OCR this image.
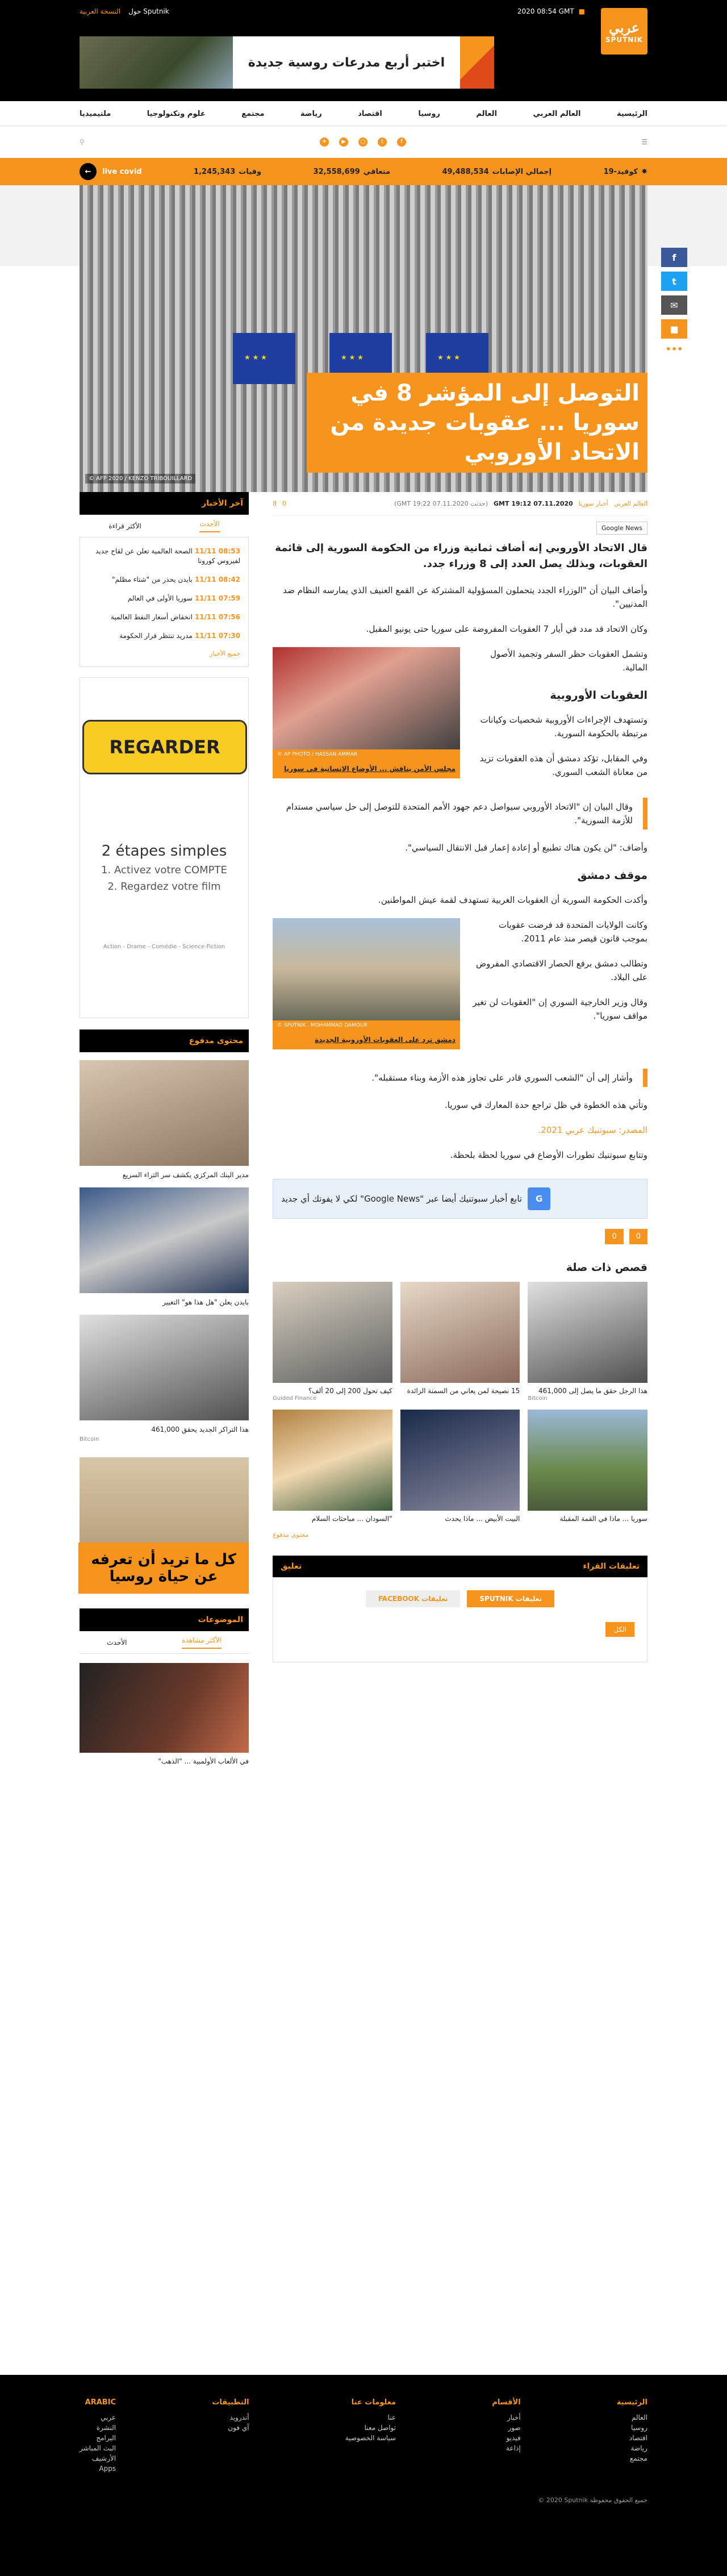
النسخة العربية حول Sputnik	2020 08:54 GMT ■
عربي
SPUTNIK
اختبر أربع مدرعات روسية جديدة
الرئيسية
العالم العربي
العالم
روسيا
اقتصاد
رياضة
مجتمع
علوم وتكنولوجيا
ملتيميديا
⚲	✈	▶	○	t	f	☰
←	live covid	1,245,343 وفيات	32,558,699 متعافي	49,488,534 إجمالي الإصابات	كوفيد-19 ✸
★ ★ ★
★ ★ ★
★ ★ ★
التوصل إلى المؤشر 8 في سوريا ... عقوبات جديدة من الاتحاد الأوروبي
© AFP 2020 / KENZO TRIBOUILLARD
f
t
✉
■
•••
آخر الأخبار
الأكثر قراءة	الأحدث
08:53 11/11الصحة العالمية تعلن عن لقاح جديد لفيروس كورونا
08:42 11/11بايدن يحذر من "شتاء مظلم"
07:59 11/11سوريا الأولى في العالم
07:56 11/11انخفاض أسعار النفط العالمية
07:30 11/11مدريد تنتظر قرار الحكومة
جميع الأخبار
REGARDER
2 étapes simples
1. Activez votre COMPTE
2. Regardez votre film
Action - Drame - Comédie - Science-Fiction
محتوى مدفوع
مدير البنك المركزي يكشف سر الثراء السريع
بايدن يعلن "هل هذا هو" التغيير
هذا التراكر الجديد يحقق 461,000
Bitcoin
كل ما تريد أن تعرفه عن حياة روسيا
الموضوعات
الأحدث	الأكثر مشاهدة
في الألعاب الأولمبية ... "الذهب"
8 0	العالم العربي
أخبار سوريا
07.11.2020 19:12 GMT
(حدثت 07.11.2020 19:22 GMT)
Google News

قال الاتحاد الأوروبي إنه أضاف ثمانية وزراء من الحكومة السورية إلى قائمة العقوبات، وبذلك يصل العدد إلى 8 وزراء جدد.

وأضاف البيان أن "الوزراء الجدد يتحملون المسؤولية المشتركة عن القمع العنيف الذي يمارسه النظام ضد المدنيين".

وكان الاتحاد قد مدد في أيار 7 العقوبات المفروضة على سوريا حتى يونيو المقبل.

© AP PHOTO / HASSAN AMMAR
مجلس الأمن يناقش ... الأوضاع الإنسانية في سوريا

وتشمل العقوبات حظر السفر وتجميد الأصول المالية.

العقوبات الأوروبية

وتستهدف الإجراءات الأوروبية شخصيات وكيانات مرتبطة بالحكومة السورية.

وفي المقابل، تؤكد دمشق أن هذه العقوبات تزيد من معاناة الشعب السوري.

وقال البيان إن "الاتحاد الأوروبي سيواصل دعم جهود الأمم المتحدة للتوصل إلى حل سياسي مستدام للأزمة السورية".

وأضاف: "لن يكون هناك تطبيع أو إعادة إعمار قبل الانتقال السياسي".

موقف دمشق

وأكدت الحكومة السورية أن العقوبات الغربية تستهدف لقمة عيش المواطنين.

© SPUTNIK . MOHAMMAD DAMOUR
دمشق ترد على العقوبات الأوروبية الجديدة

وكانت الولايات المتحدة قد فرضت عقوبات بموجب قانون قيصر منذ عام 2011.

وتطالب دمشق برفع الحصار الاقتصادي المفروض على البلاد.

وقال وزير الخارجية السوري إن "العقوبات لن تغير مواقف سوريا".

وأشار إلى أن "الشعب السوري قادر على تجاوز هذه الأزمة وبناء مستقبله".

وتأتي هذه الخطوة في ظل تراجع حدة المعارك في سوريا.

المصدر: سبوتنيك عربي 2021.

وتتابع سبوتنيك تطورات الأوضاع في سوريا لحظة بلحظة.

G
تابع أخبار سبوتنيك أيضا عبر "Google News" لكي لا يفوتك أي جديد
0	0
قصص ذات صلة
كيف تحول 200 إلى 20 ألف؟
Guided Finance
15 نصيحة لمن يعاني من السمنة الزائدة	هذا الرجل حقق ما يصل إلى 461,000
Bitcoin
"السودان ... مباحثات السلام	البيت الأبيض ... ماذا يحدث	سوريا ... ماذا في القمة المقبلة
محتوى مدفوع
تعليق	تعليقات القراء
FACEBOOK تعليقات	SPUTNIK تعليقات
الكل
ARABIC
عربي
النشرة
البرامج
البث المباشر
الأرشيف
Apps
التطبيقات
أندرويد
آي فون
معلومات عنا
عنا
تواصل معنا
سياسة الخصوصية
الأقسام
أخبار
صور
فيديو
إذاعة
الرئيسية
العالم
روسيا
اقتصاد
رياضة
مجتمع
© 2020 Sputnik جميع الحقوق محفوظة
